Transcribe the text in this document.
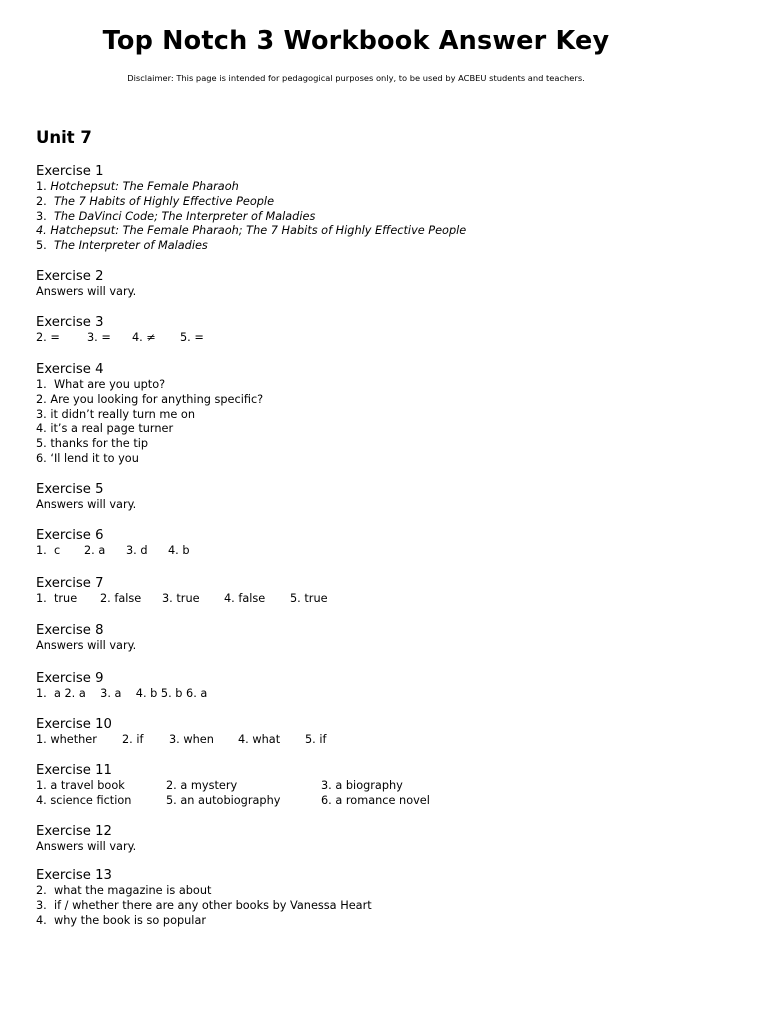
Top Notch 3 Workbook Answer Key
Disclaimer: This page is intended for pedagogical purposes only, to be used by ACBEU students and teachers.
Unit 7
Exercise 1
1. Hotchepsut: The Female Pharaoh
2.  The 7 Habits of Highly Effective People
3.  The DaVinci Code; The Interpreter of Maladies
4. Hatchepsut: The Female Pharaoh; The 7 Habits of Highly Effective People
5.  The Interpreter of Maladies
Exercise 2
Answers will vary.
Exercise 3
2. = 3. = 4. ≠ 5. =
Exercise 4
1.  What are you upto?
2. Are you looking for anything specific?
3. it didn’t really turn me on
4. it’s a real page turner
5. thanks for the tip
6. ‘Il lend it to you
Exercise 5
Answers will vary.
Exercise 6
1.  c 2. a 3. d 4. b
Exercise 7
1.  true 2. false 3. true 4. false 5. true
Exercise 8
Answers will vary.
Exercise 9
1.  a 2. a    3. a    4. b 5. b 6. a
Exercise 10
1. whether 2. if 3. when 4. what 5. if
Exercise 11
1. a travel book	2. a mystery	3. a biography
4. science fiction	5. an autobiography	6. a romance novel
Exercise 12
Answers will vary.
Exercise 13
2.  what the magazine is about
3.  if / whether there are any other books by Vanessa Heart
4.  why the book is so popular
